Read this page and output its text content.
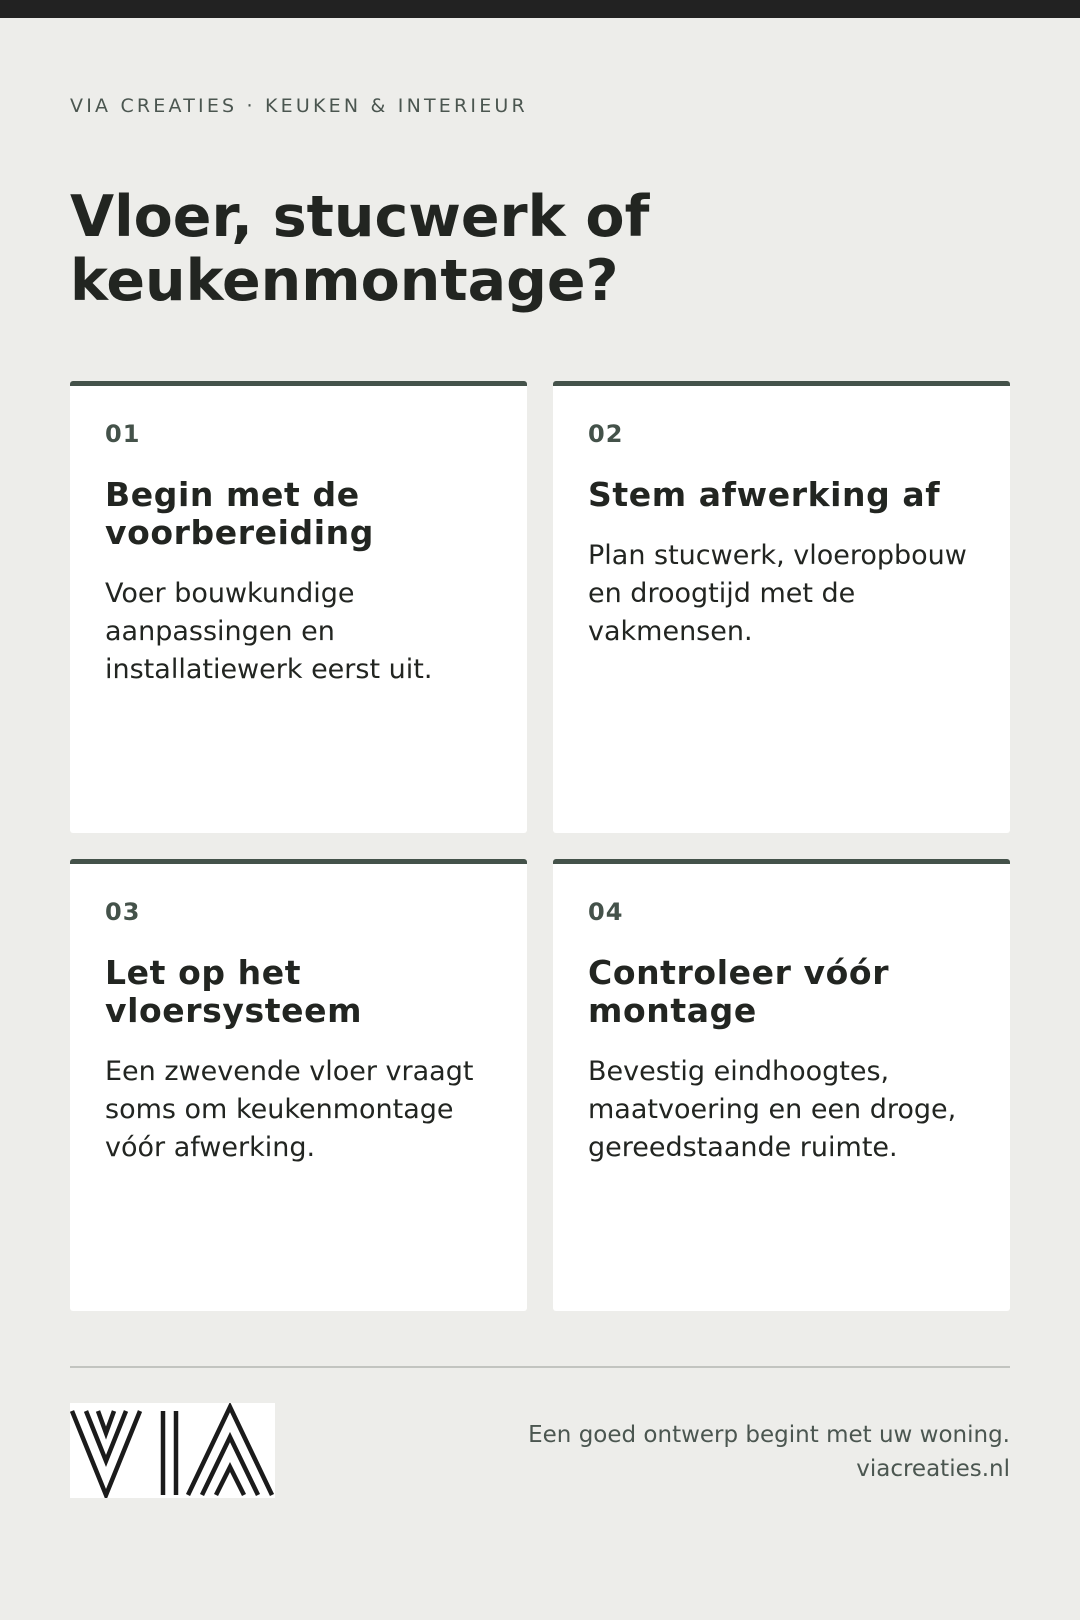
VIA CREATIES · KEUKEN & INTERIEUR
Vloer, stucwerk of keukenmontage?
01
Begin met de voorbereiding

Voer bouwkundige aanpassingen en installatiewerk eerst uit.

02
Stem afwerking af

Plan stucwerk, vloeropbouw en droogtijd met de vakmensen.

03
Let op het vloersysteem

Een zwevende vloer vraagt soms om keukenmontage vóór afwerking.

04
Controleer vóór montage

Bevestig eindhoogtes, maatvoering en een droge, gereedstaande ruimte.

Een goed ontwerp begint met uw woning.
viacreaties.nl
